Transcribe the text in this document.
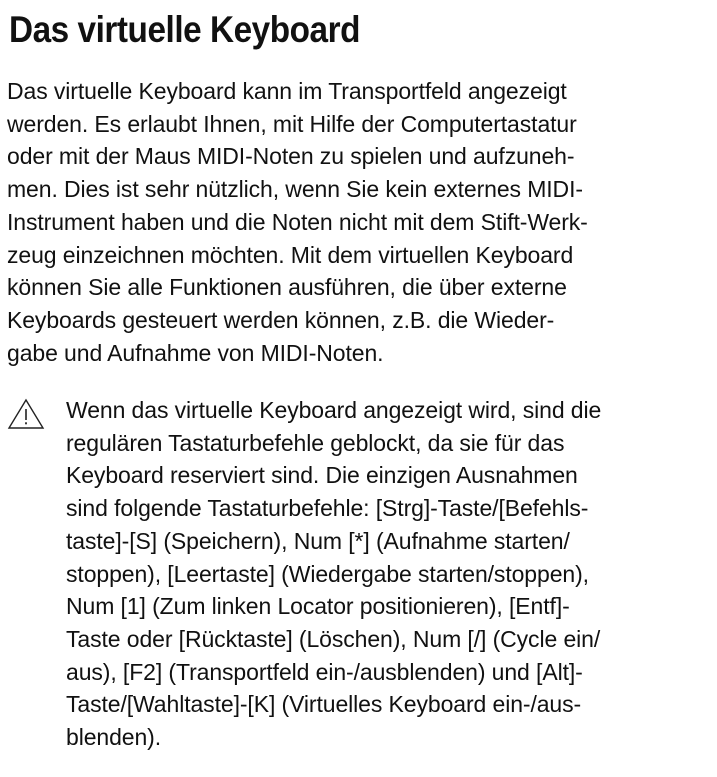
Das virtuelle Keyboard
Das virtuelle Keyboard kann im Transportfeld angezeigt
werden. Es erlaubt Ihnen, mit Hilfe der Computertastatur
oder mit der Maus MIDI-Noten zu spielen und aufzuneh-
men. Dies ist sehr nützlich, wenn Sie kein externes MIDI-
Instrument haben und die Noten nicht mit dem Stift-Werk-
zeug einzeichnen möchten. Mit dem virtuellen Keyboard
können Sie alle Funktionen ausführen, die über externe
Keyboards gesteuert werden können, z.B. die Wieder-
gabe und Aufnahme von MIDI-Noten.
Wenn das virtuelle Keyboard angezeigt wird, sind die
regulären Tastaturbefehle geblockt, da sie für das
Keyboard reserviert sind. Die einzigen Ausnahmen
sind folgende Tastaturbefehle: [Strg]-Taste/[Befehls-
taste]-[S] (Speichern), Num [*] (Aufnahme starten/
stoppen), [Leertaste] (Wiedergabe starten/stoppen),
Num [1] (Zum linken Locator positionieren), [Entf]-
Taste oder [Rücktaste] (Löschen), Num [/] (Cycle ein/
aus), [F2] (Transportfeld ein-/ausblenden) und [Alt]-
Taste/[Wahltaste]-[K] (Virtuelles Keyboard ein-/aus-
blenden).
